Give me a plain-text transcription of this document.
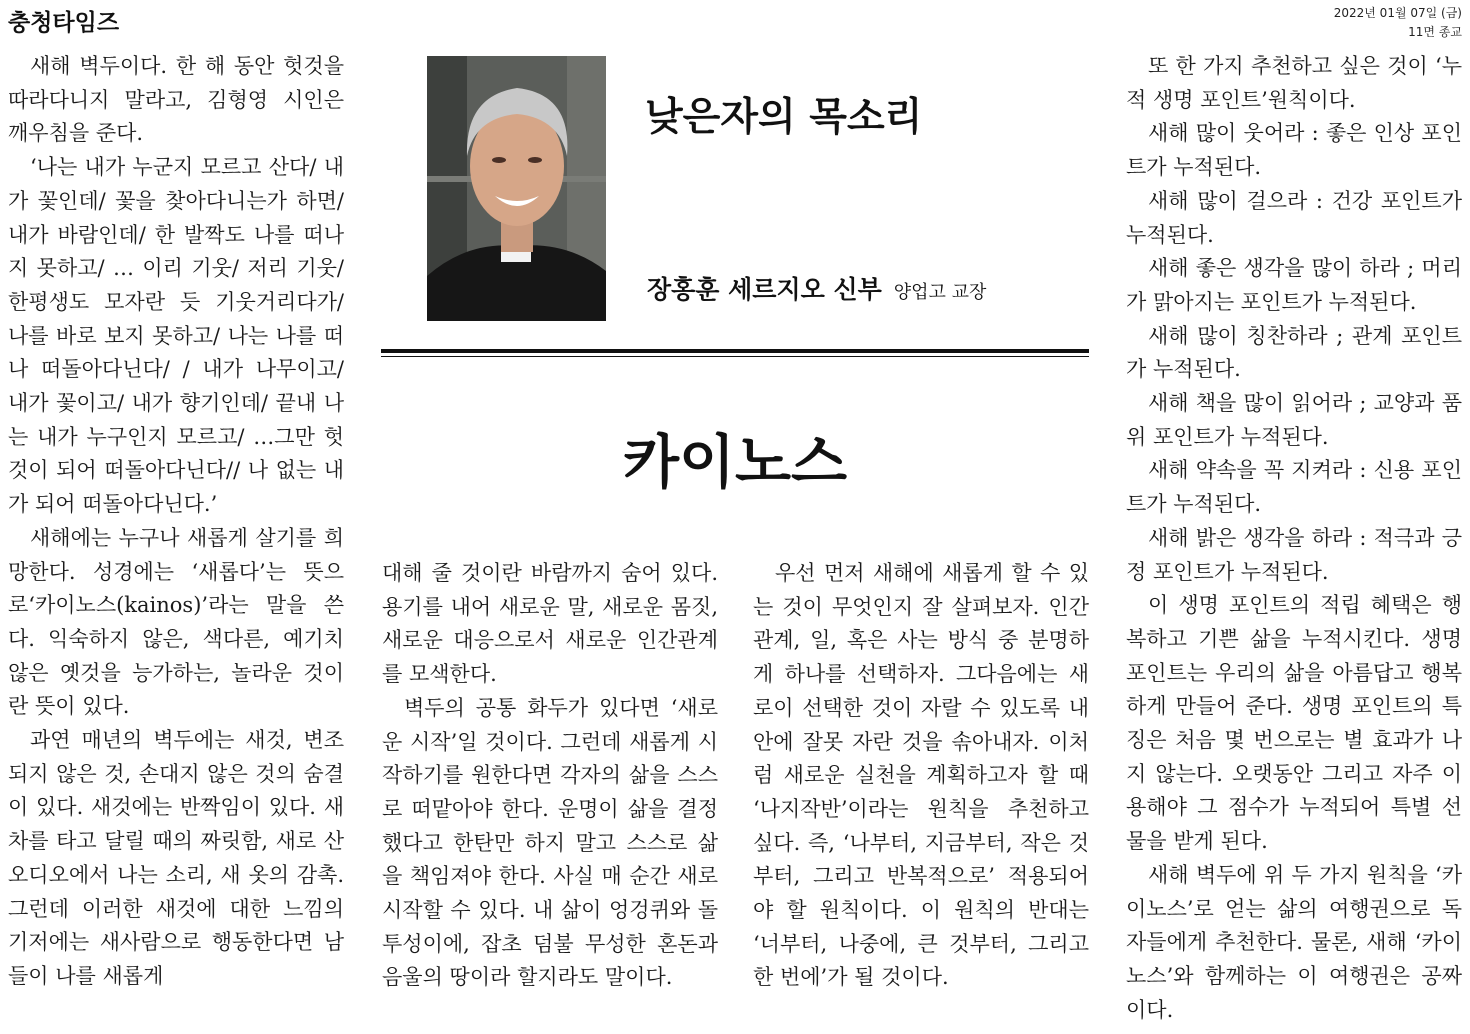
충청타임즈	2022년 01월 07일 (금)
11면 종교

새해 벽두이다. 한 해 동안 헛것을 따라다니지 말라고, 김형영 시인은 깨우침을 준다.

‘나는 내가 누군지 모르고 산다/ 내가 꽃인데/ 꽃을 찾아다니는가 하면/ 내가 바람인데/ 한 발짝도 나를 떠나지 못하고/ … 이리 기웃/ 저리 기웃/ 한평생도 모자란 듯 기웃거리다가/ 나를 바로 보지 못하고/ 나는 나를 떠나 떠돌아다닌다/ / 내가 나무이고/ 내가 꽃이고/ 내가 향기인데/ 끝내 나는 내가 누구인지 모르고/ …그만 헛것이 되어 떠돌아다닌다// 나 없는 내가 되어 떠돌아다닌다.’

새해에는 누구나 새롭게 살기를 희망한다. 성경에는 ‘새롭다’는 뜻으로‘카이노스(kainos)’라는 말을 쓴다. 익숙하지 않은, 색다른, 예기치 않은 옛것을 능가하는, 놀라운 것이란 뜻이 있다.

과연 매년의 벽두에는 새것, 변조되지 않은 것, 손대지 않은 것의 숨결이 있다. 새것에는 반짝임이 있다. 새 차를 타고 달릴 때의 짜릿함, 새로 산 오디오에서 나는 소리, 새 옷의 감촉. 그런데 이러한 새것에 대한 느낌의 기저에는 새사람으로 행동한다면 남들이 나를 새롭게

낮은자의 목소리
장홍훈 세르지오 신부 양업고 교장
카이노스

대해 줄 것이란 바람까지 숨어 있다. 용기를 내어 새로운 말, 새로운 몸짓, 새로운 대응으로서 새로운 인간관계를 모색한다.

벽두의 공통 화두가 있다면 ‘새로운 시작’일 것이다. 그런데 새롭게 시작하기를 원한다면 각자의 삶을 스스로 떠맡아야 한다. 운명이 삶을 결정했다고 한탄만 하지 말고 스스로 삶을 책임져야 한다. 사실 매 순간 새로 시작할 수 있다. 내 삶이 엉겅퀴와 돌투성이에, 잡초 덤불 무성한 혼돈과 음울의 땅이라 할지라도 말이다.

우선 먼저 새해에 새롭게 할 수 있는 것이 무엇인지 잘 살펴보자. 인간관계, 일, 혹은 사는 방식 중 분명하게 하나를 선택하자. 그다음에는 새로이 선택한 것이 자랄 수 있도록 내 안에 잘못 자란 것을 솎아내자. 이처럼 새로운 실천을 계획하고자 할 때 ‘나지작반’이라는 원칙을 추천하고 싶다. 즉, ‘나부터, 지금부터, 작은 것부터, 그리고 반복적으로’ 적용되어야 할 원칙이다. 이 원칙의 반대는 ‘너부터, 나중에, 큰 것부터, 그리고 한 번에’가 될 것이다.

또 한 가지 추천하고 싶은 것이 ‘누적 생명 포인트’원칙이다.

새해 많이 웃어라 : 좋은 인상 포인트가 누적된다.

새해 많이 걸으라 : 건강 포인트가 누적된다.

새해 좋은 생각을 많이 하라 ; 머리가 맑아지는 포인트가 누적된다.

새해 많이 칭찬하라 ; 관계 포인트가 누적된다.

새해 책을 많이 읽어라 ; 교양과 품위 포인트가 누적된다.

새해 약속을 꼭 지켜라 : 신용 포인트가 누적된다.

새해 밝은 생각을 하라 : 적극과 긍정 포인트가 누적된다.

이 생명 포인트의 적립 혜택은 행복하고 기쁜 삶을 누적시킨다. 생명 포인트는 우리의 삶을 아름답고 행복하게 만들어 준다. 생명 포인트의 특징은 처음 몇 번으로는 별 효과가 나지 않는다. 오랫동안 그리고 자주 이용해야 그 점수가 누적되어 특별 선물을 받게 된다.

새해 벽두에 위 두 가지 원칙을 ‘카이노스’로 얻는 삶의 여행권으로 독자들에게 추천한다. 물론, 새해 ‘카이노스’와 함께하는 이 여행권은 공짜이다.
